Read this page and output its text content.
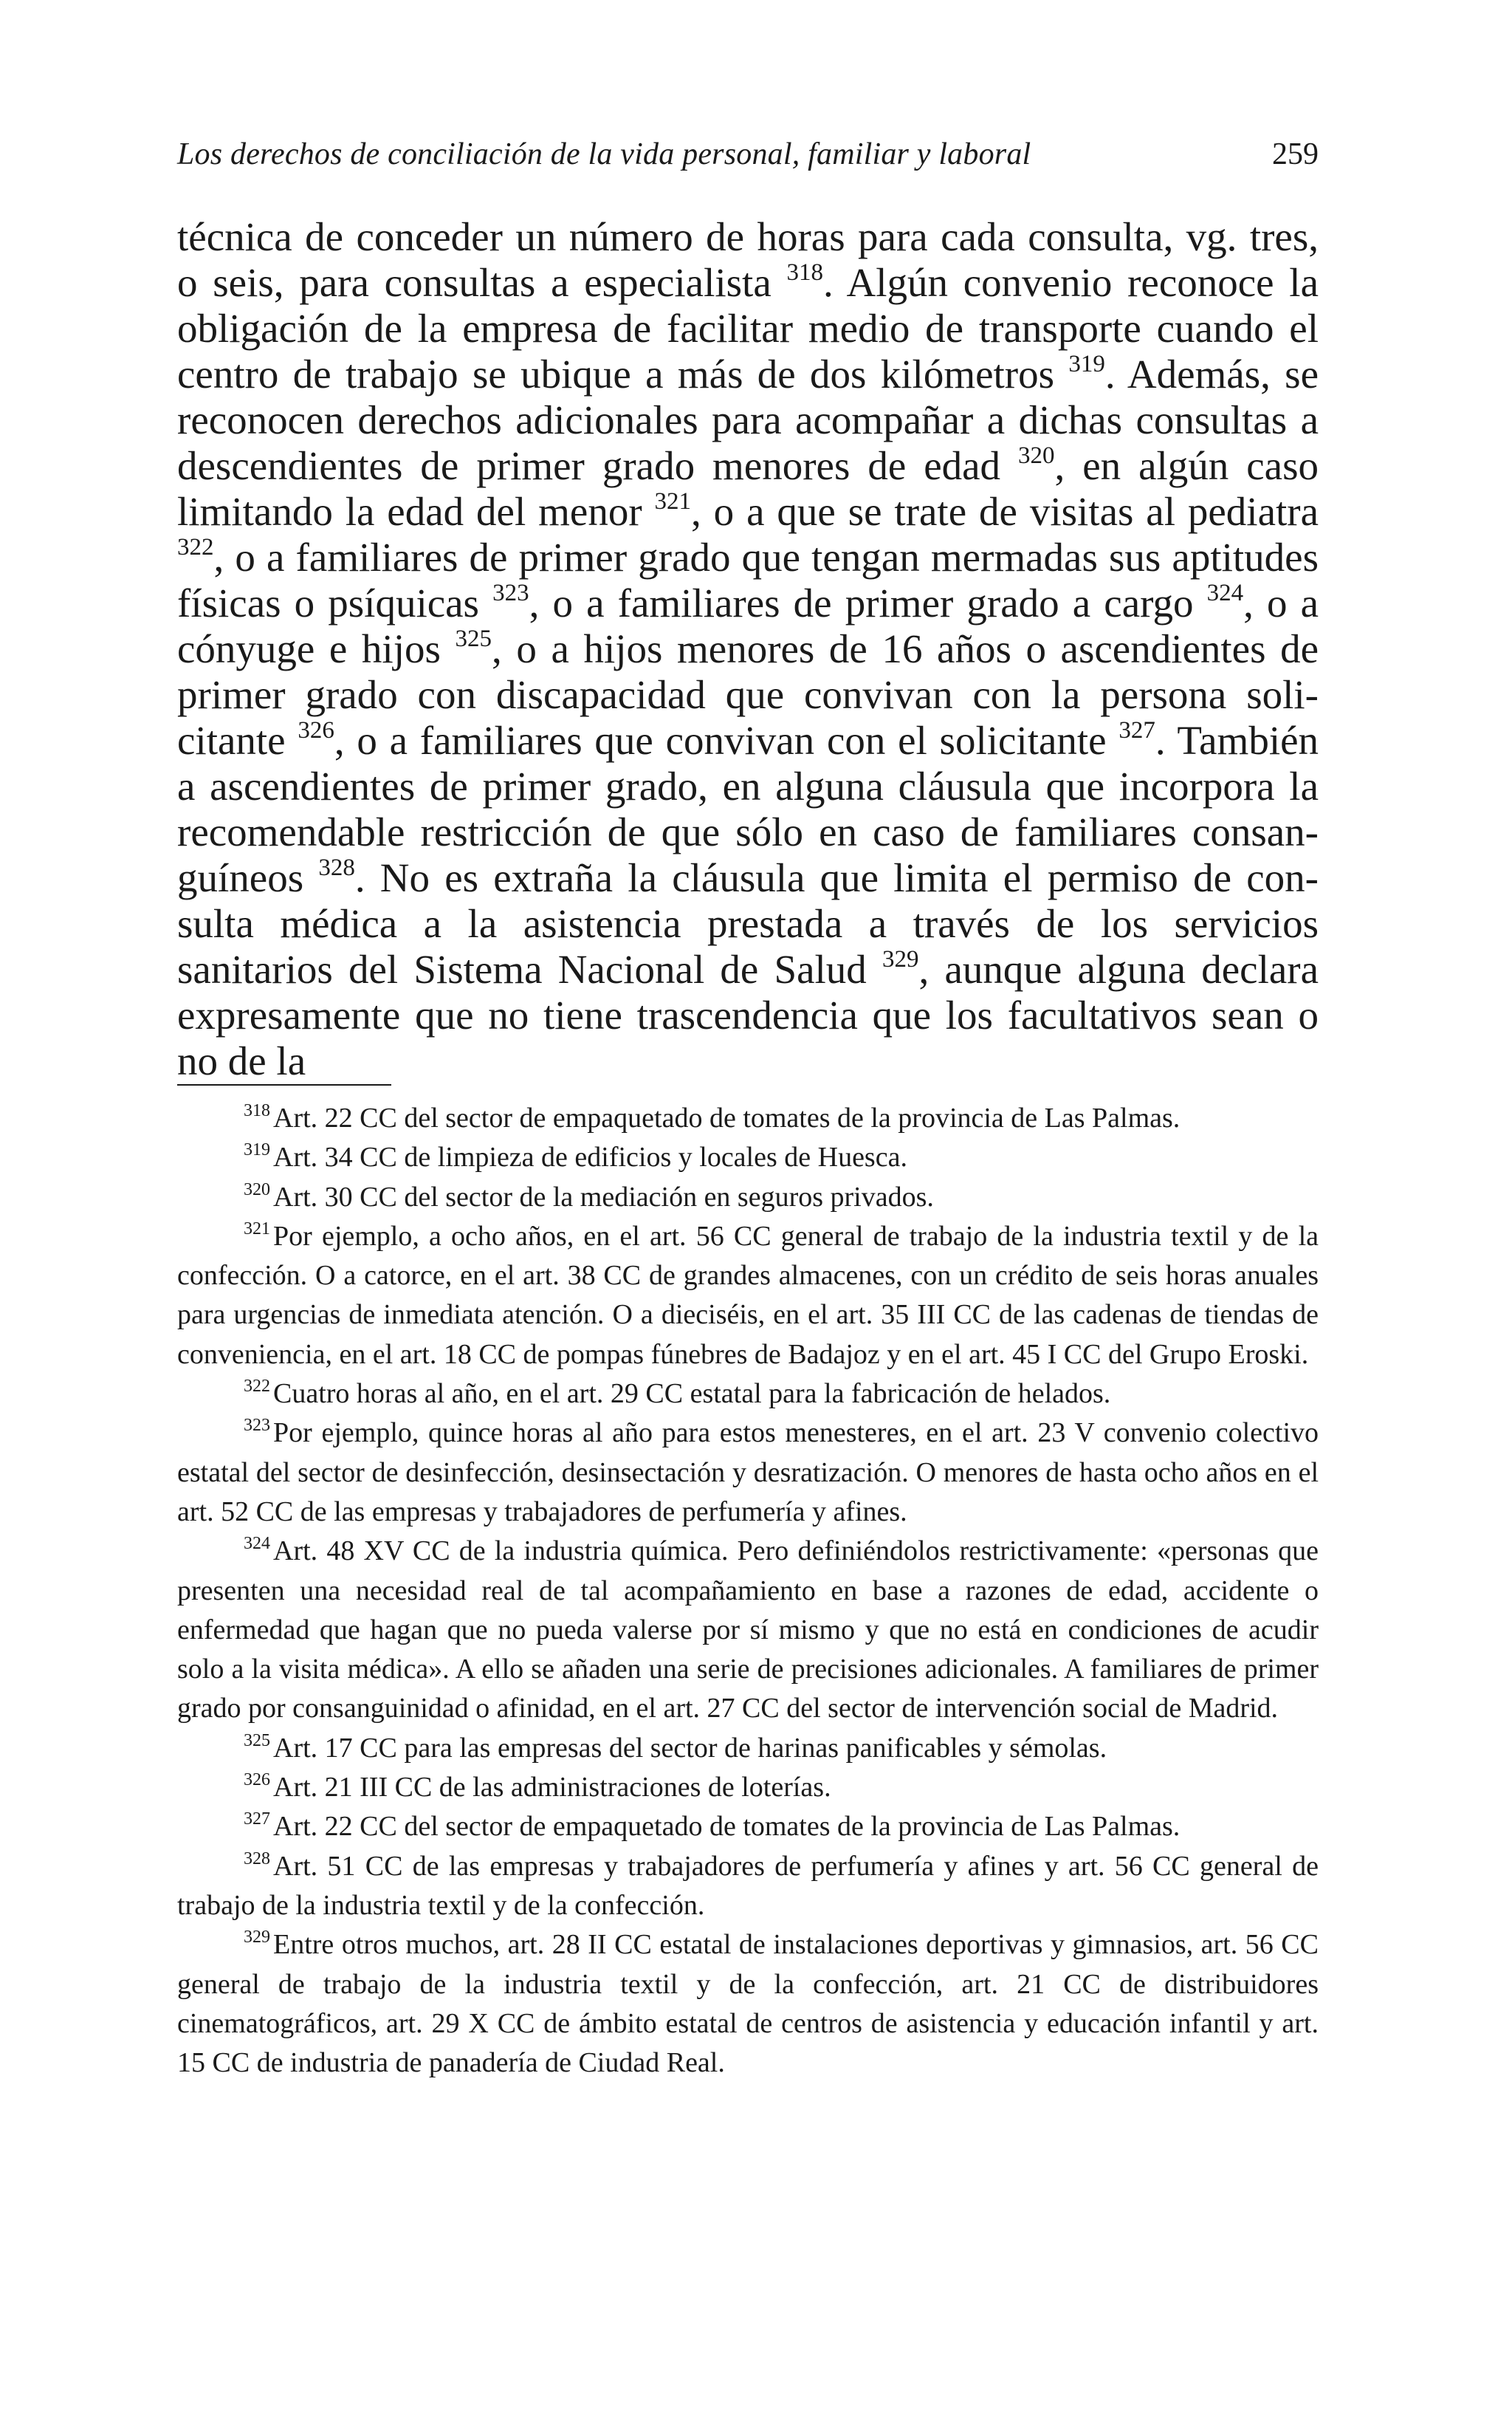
Los derechos de conciliación de la vida personal, familiar y laboral	259

técnica de conceder un número de horas para cada consulta, vg. tres, o seis, para consultas a especialista $^{318}$. Algún convenio reconoce la obligación de la empresa de facilitar medio de transporte cuando el centro de trabajo se ubique a más de dos kilómetros $^{319}$. Además, se reconocen derechos adicionales para acompañar a dichas consultas a descendientes de primer grado menores de edad $^{320}$, en algún caso limitando la edad del menor $^{321}$, o a que se trate de visitas al pediatra $^{322}$, o a familiares de primer grado que tengan mermadas sus aptitudes físicas o psíquicas $^{323}$, o a familiares de primer grado a cargo $^{324}$, o a cónyuge e hijos $^{325}$, o a hijos menores de 16 años o ascendientes de primer grado con discapacidad que convivan con la persona solicitante $^{326}$, o a familiares que convivan con el solicitante $^{327}$. También a ascendientes de primer grado, en alguna cláusula que incorpora la recomendable restricción de que sólo en caso de familiares consanguíneos $^{328}$. No es extraña la cláusula que limita el permiso de consulta médica a la asistencia prestada a través de los servicios sanitarios del Sistema Nacional de Salud $^{329}$, aunque alguna declara expresamente que no tiene trascendencia que los facultativos sean o no de la

$^{318}$ Art. 22 CC del sector de empaquetado de tomates de la provincia de Las Palmas.

$^{319}$ Art. 34 CC de limpieza de edificios y locales de Huesca.

$^{320}$ Art. 30 CC del sector de la mediación en seguros privados.

$^{321}$ Por ejemplo, a ocho años, en el art. 56 CC general de trabajo de la industria textil y de la confección. O a catorce, en el art. 38 CC de grandes almacenes, con un crédito de seis horas anuales para urgencias de inmediata atención. O a dieciséis, en el art. 35 III CC de las cadenas de tiendas de conveniencia, en el art. 18 CC de pompas fúnebres de Badajoz y en el art. 45 I CC del Grupo Eroski.

$^{322}$ Cuatro horas al año, en el art. 29 CC estatal para la fabricación de helados.

$^{323}$ Por ejemplo, quince horas al año para estos menesteres, en el art. 23 V convenio colectivo estatal del sector de desinfección, desinsectación y desratización. O menores de hasta ocho años en el art. 52 CC de las empresas y trabajadores de perfumería y afines.

$^{324}$ Art. 48 XV CC de la industria química. Pero definiéndolos restrictivamente: «personas que presenten una necesidad real de tal acompañamiento en base a razones de edad, accidente o enfermedad que hagan que no pueda valerse por sí mismo y que no está en condiciones de acudir solo a la visita médica». A ello se añaden una serie de precisiones adicionales. A familiares de primer grado por consanguinidad o afinidad, en el art. 27 CC del sector de intervención social de Madrid.

$^{325}$ Art. 17 CC para las empresas del sector de harinas panificables y sémolas.

$^{326}$ Art. 21 III CC de las administraciones de loterías.

$^{327}$ Art. 22 CC del sector de empaquetado de tomates de la provincia de Las Palmas.

$^{328}$ Art. 51 CC de las empresas y trabajadores de perfumería y afines y art. 56 CC general de trabajo de la industria textil y de la confección.

$^{329}$ Entre otros muchos, art. 28 II CC estatal de instalaciones deportivas y gimnasios, art. 56 CC general de trabajo de la industria textil y de la confección, art. 21 CC de distribuidores cinematográficos, art. 29 X CC de ámbito estatal de centros de asistencia y educación infantil y art. 15 CC de industria de panadería de Ciudad Real.
